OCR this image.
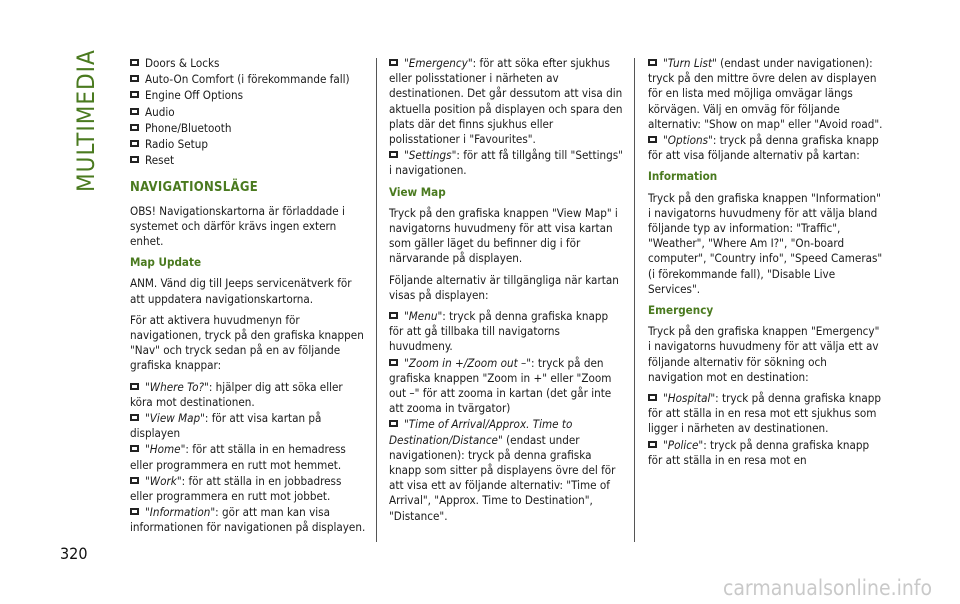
MULTIMEDIA
320
Doors & Locks
Auto-On Comfort (i förekommande fall)
Engine Off Options
Audio
Phone/Bluetooth
Radio Setup
Reset
NAVIGATIONSLÄGE

OBS! Navigationskartorna är förladdade i systemet och därför krävs ingen extern enhet.

Map Update

ANM. Vänd dig till Jeeps servicenätverk för att uppdatera navigationskartorna.

För att aktivera huvudmenyn för navigationen, tryck på den grafiska knappen "Nav" och tryck sedan på en av följande grafiska knappar:

"Where To?": hjälper dig att söka eller köra mot destinationen.
"View Map": för att visa kartan på displayen
"Home": för att ställa in en hemadress eller programmera en rutt mot hemmet.
"Work": för att ställa in en jobbadress eller programmera en rutt mot jobbet.
"Information": gör att man kan visa informationen för navigationen på displayen.
"Emergency": för att söka efter sjukhus eller polisstationer i närheten av destinationen. Det går dessutom att visa din aktuella position på displayen och spara den plats där det finns sjukhus eller polisstationer i "Favourites".
"Settings": för att få tillgång till "Settings" i navigationen.
View Map

Tryck på den grafiska knappen "View Map" i navigatorns huvudmeny för att visa kartan som gäller läget du befinner dig i för närvarande på displayen.

Följande alternativ är tillgängliga när kartan visas på displayen:

"Menu": tryck på denna grafiska knapp för att gå tillbaka till navigatorns huvudmeny.
"Zoom in +/Zoom out –": tryck på den grafiska knappen "Zoom in +" eller "Zoom out –" för att zooma in kartan (det går inte att zooma in tvärgator)
"Time of Arrival/Approx. Time to Destination/Distance" (endast under navigationen): tryck på denna grafiska knapp som sitter på displayens övre del för att visa ett av följande alternativ: "Time of Arrival", "Approx. Time to Destination", "Distance".
"Turn List" (endast under navigationen): tryck på den mittre övre delen av displayen för en lista med möjliga omvägar längs körvägen. Välj en omväg för följande alternativ: "Show on map" eller "Avoid road".
"Options": tryck på denna grafiska knapp för att visa följande alternativ på kartan:
Information

Tryck på den grafiska knappen "Information" i navigatorns huvudmeny för att välja bland följande typ av information: "Traffic", "Weather", "Where Am I?", "On-board computer", "Country info", "Speed Cameras" (i förekommande fall), "Disable Live Services".

Emergency

Tryck på den grafiska knappen "Emergency" i navigatorns huvudmeny för att välja ett av följande alternativ för sökning och navigation mot en destination:

"Hospital": tryck på denna grafiska knapp för att ställa in en resa mot ett sjukhus som ligger i närheten av destinationen.
"Police": tryck på denna grafiska knapp för att ställa in en resa mot en
carmanualsonline.info
